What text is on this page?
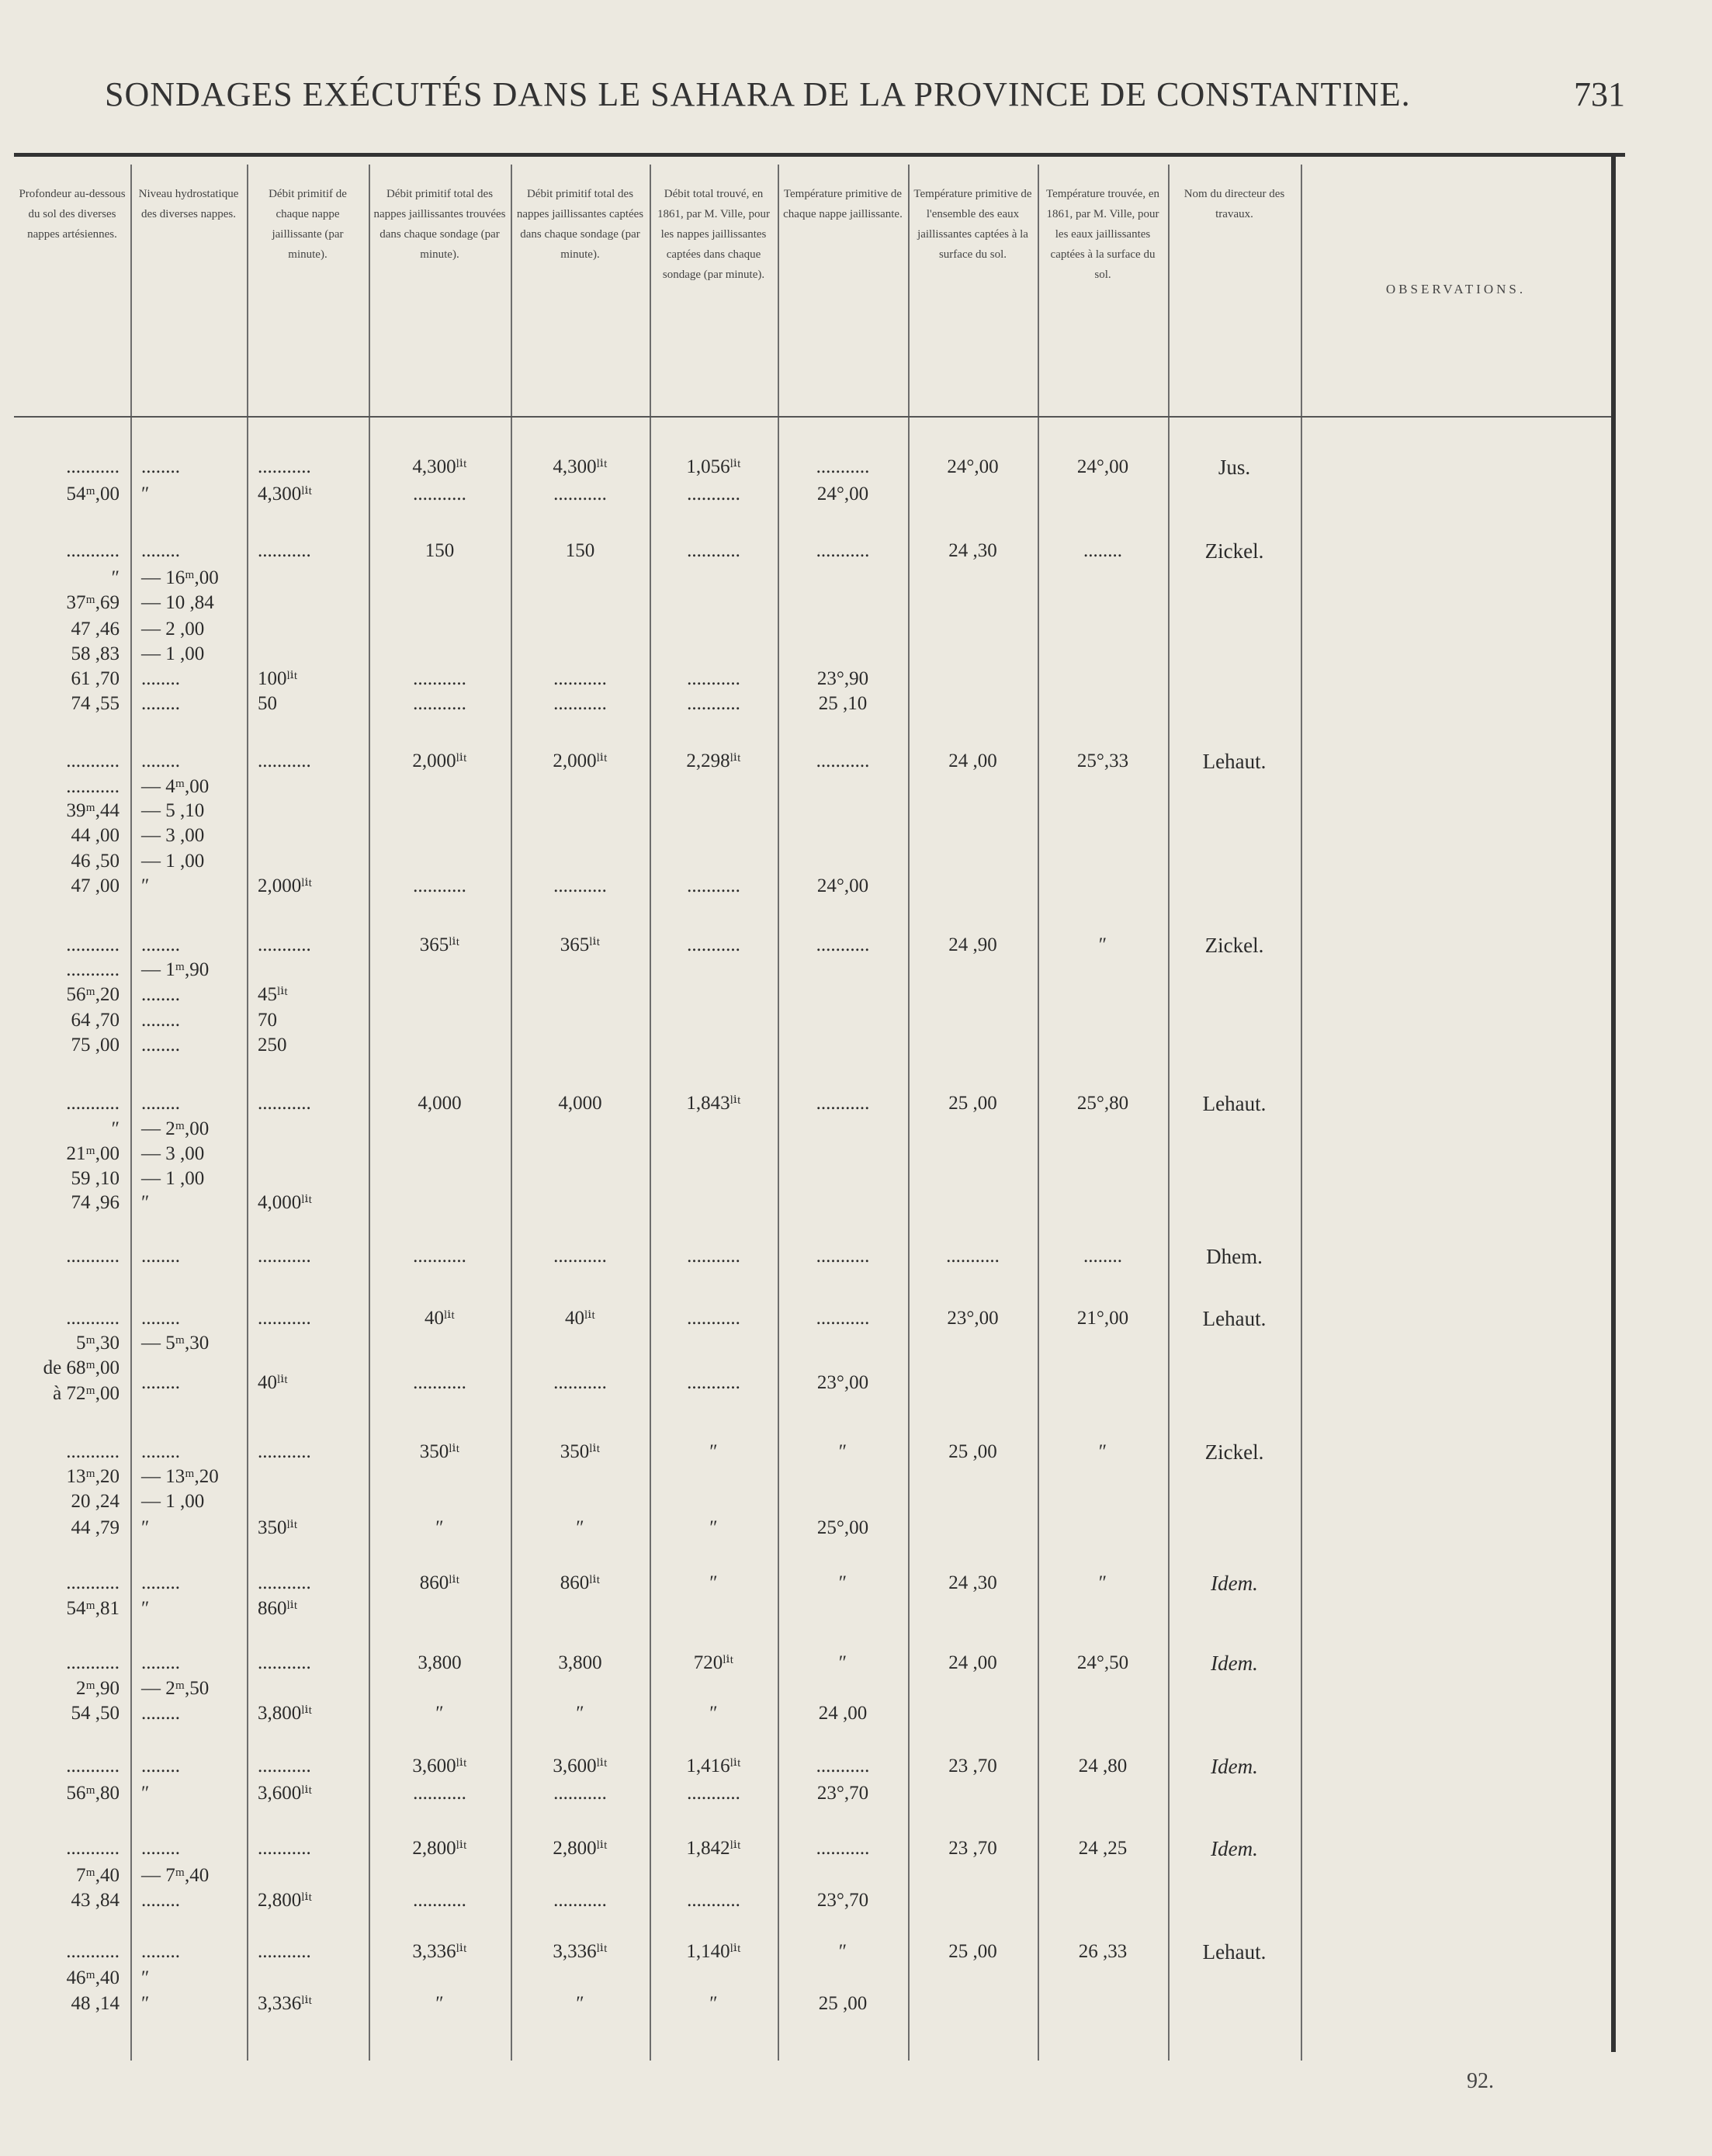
SONDAGES EXÉCUTÉS DANS LE SAHARA DE LA PROVINCE DE CONSTANTINE.	731
Profondeur au-dessous du sol des diverses nappes artésiennes.
Niveau hydrostatique des diverses nappes.
Débit primitif de chaque nappe jaillissante (par minute).
Débit primitif total des nappes jaillissantes trouvées dans chaque sondage (par minute).
Débit primitif total des nappes jaillissantes captées dans chaque sondage (par minute).
Débit total trouvé, en 1861, par M. Ville, pour les nappes jaillissantes captées dans chaque sondage (par minute).
Température primitive de chaque nappe jaillissante.
Température primitive de l'ensemble des eaux jaillissantes captées à la surface du sol.
Température trouvée, en 1861, par M. Ville, pour les eaux jaillissantes captées à la surface du sol.
Nom du directeur des travaux.
OBSERVATIONS.
........... ........	...........	4,300ˡⁱᵗ	4,300ˡⁱᵗ	1,056ˡⁱᵗ	...........	24°,00	24°,00	Jus.
54ᵐ,00 ″	4,300ˡⁱᵗ	...........	...........	...........	24°,00
........... ........	...........	150	150	...........	...........	24 ,30	........	Zickel.
″ — 16ᵐ,00
37ᵐ,69 — 10 ,84
47 ,46 — 2 ,00
58 ,83 — 1 ,00
61 ,70 ........	100ˡⁱᵗ	...........	...........	...........	23°,90
74 ,55 ........	50	...........	...........	...........	25 ,10
........... ........	...........	2,000ˡⁱᵗ	2,000ˡⁱᵗ	2,298ˡⁱᵗ	...........	24 ,00	25°,33	Lehaut.
........... — 4ᵐ,00
39ᵐ,44 — 5 ,10
44 ,00 — 3 ,00
46 ,50 — 1 ,00
47 ,00 ″	2,000ˡⁱᵗ	...........	...........	...........	24°,00
........... ........	...........	365ˡⁱᵗ	365ˡⁱᵗ	...........	...........	24 ,90	″	Zickel.
........... — 1ᵐ,90
56ᵐ,20 ........	45ˡⁱᵗ
64 ,70 ........	70
75 ,00 ........	250
........... ........	...........	4,000	4,000	1,843ˡⁱᵗ	...........	25 ,00	25°,80	Lehaut.
″ — 2ᵐ,00
21ᵐ,00 — 3 ,00
59 ,10 — 1 ,00
74 ,96 ″	4,000ˡⁱᵗ
........... ........	...........	...........	...........	...........	...........	...........	........	Dhem.
........... ........	...........	40ˡⁱᵗ	40ˡⁱᵗ	...........	...........	23°,00	21°,00	Lehaut.
5ᵐ,30 — 5ᵐ,30
de 68ᵐ,00
........	40ˡⁱᵗ	...........	...........	...........	23°,00
à 72ᵐ,00
........... ........	...........	350ˡⁱᵗ	350ˡⁱᵗ	″	″	25 ,00	″	Zickel.
13ᵐ,20 — 13ᵐ,20
20 ,24 — 1 ,00
44 ,79 ″	350ˡⁱᵗ	″	″	″	25°,00
........... ........	...........	860ˡⁱᵗ	860ˡⁱᵗ	″	″	24 ,30	″	Idem.
54ᵐ,81 ″	860ˡⁱᵗ
........... ........	...........	3,800	3,800	720ˡⁱᵗ	″	24 ,00	24°,50	Idem.
2ᵐ,90 — 2ᵐ,50
54 ,50 ........	3,800ˡⁱᵗ	″	″	″	24 ,00
........... ........	...........	3,600ˡⁱᵗ	3,600ˡⁱᵗ	1,416ˡⁱᵗ	...........	23 ,70	24 ,80	Idem.
56ᵐ,80 ″	3,600ˡⁱᵗ	...........	...........	...........	23°,70
........... ........	...........	2,800ˡⁱᵗ	2,800ˡⁱᵗ	1,842ˡⁱᵗ	...........	23 ,70	24 ,25	Idem.
7ᵐ,40 — 7ᵐ,40
43 ,84 ........	2,800ˡⁱᵗ	...........	...........	...........	23°,70
........... ........	...........	3,336ˡⁱᵗ	3,336ˡⁱᵗ	1,140ˡⁱᵗ	″	25 ,00	26 ,33	Lehaut.
46ᵐ,40 ″
48 ,14 ″	3,336ˡⁱᵗ	″	″	″	25 ,00
92.
